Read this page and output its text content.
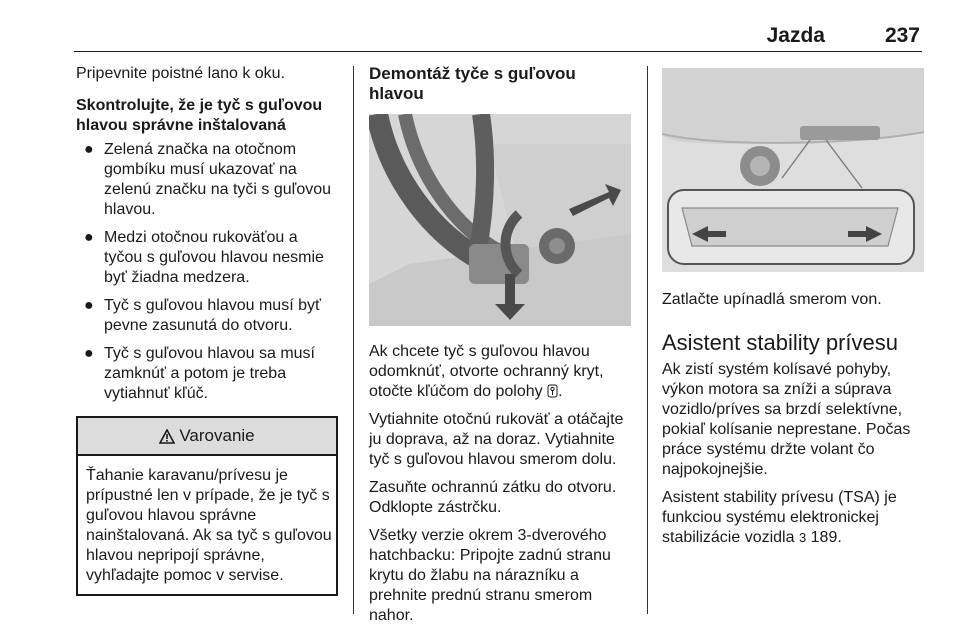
Jazda	237

Pripevnite poistné lano k oku.

Skontrolujte, že je tyč s guľovou hlavou správne inštalovaná

● Zelená značka na otočnom gombíku musí ukazovať na zelenú značku na tyči s guľovou hlavou.
● Medzi otočnou rukoväťou a tyčou s guľovou hlavou nesmie byť žiadna medzera.
● Tyč s guľovou hlavou musí byť pevne zasunutá do otvoru.
● Tyč s guľovou hlavou sa musí zamknúť a potom je treba vytiahnuť kľúč.
Varovanie
Ťahanie karavanu/prívesu je prípustné len v prípade, že je tyč s guľovou hlavou správne nainštalovaná. Ak sa tyč s guľovou hlavou nepripojí správne, vyhľadajte pomoc v servise.
Demontáž tyče s guľovou hlavou

Ak chcete tyč s guľovou hlavou odomknúť, otvorte ochranný kryt, otočte kľúčom do polohy .

Vytiahnite otočnú rukoväť a otáčajte ju doprava, až na doraz. Vytiahnite tyč s guľovou hlavou smerom dolu.

Zasuňte ochrannú zátku do otvoru. Odklopte zástrčku.

Všetky verzie okrem 3-dverového hatchbacku: Pripojte zadnú stranu krytu do žlabu na nárazníku a prehnite prednú stranu smerom nahor.

Zatlačte upínadlá smerom von.

Asistent stability prívesu

Ak zistí systém kolísavé pohyby, výkon motora sa zníži a súprava vozidlo/príves sa brzdí selektívne, pokiaľ kolísanie neprestane. Počas práce systému držte volant čo najpokojnejšie.

Asistent stability prívesu (TSA) je funkciou systému elektronickej stabilizácie vozidla 3 189.
